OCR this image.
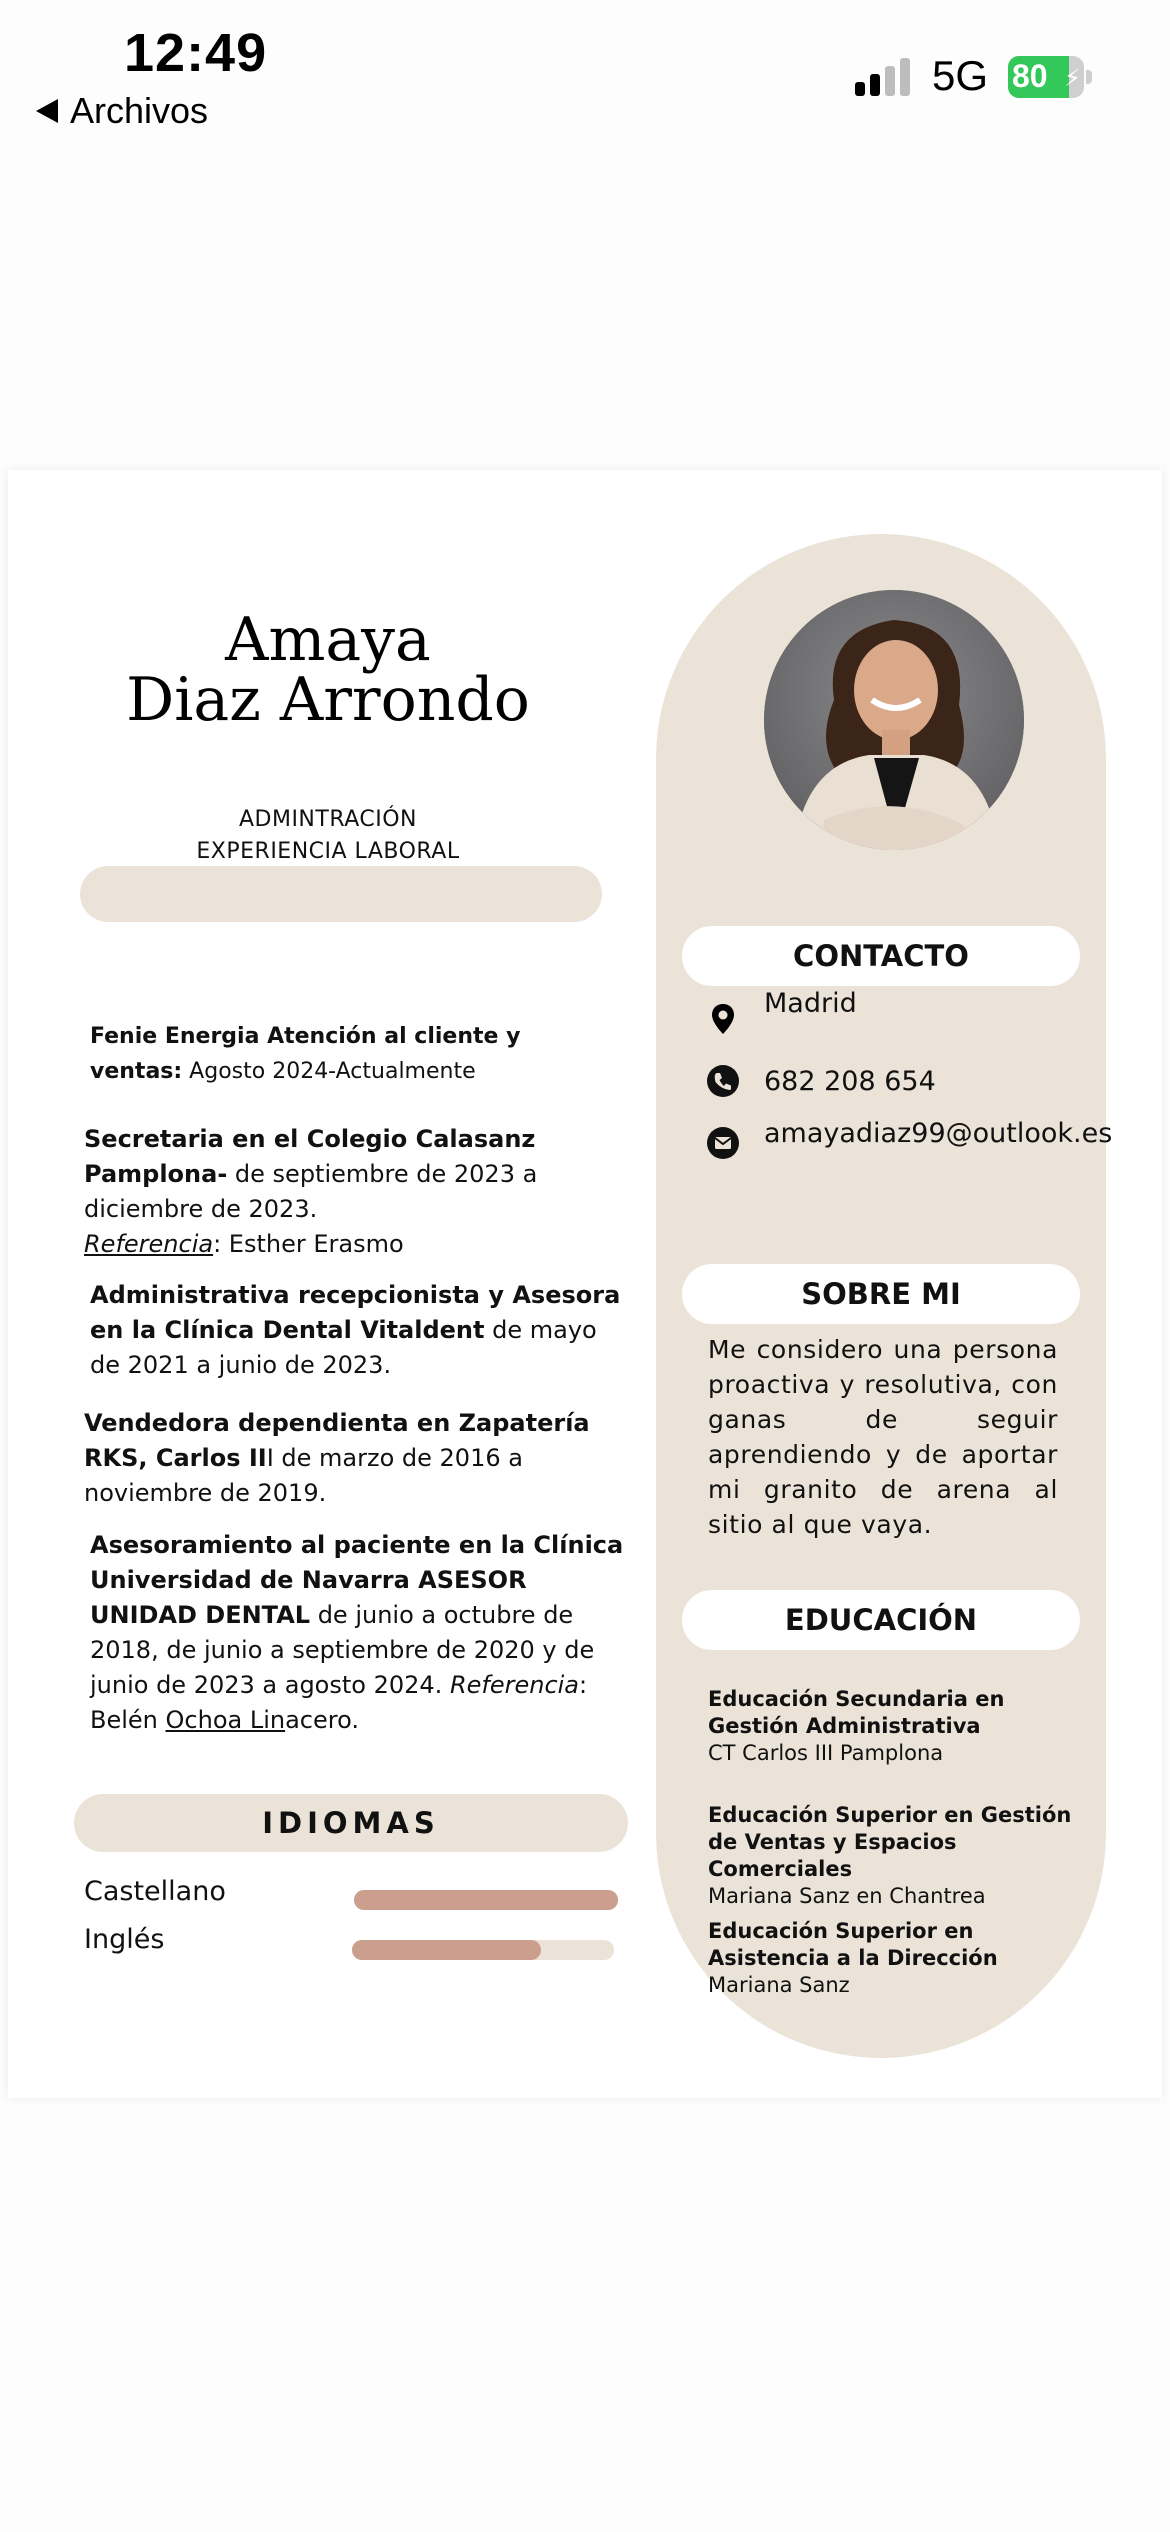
12:49
Archivos
5G 80 ⚡
Amaya
Diaz Arrondo
ADMINTRACIÓN
EXPERIENCIA LABORAL
Fenie Energia Atención al cliente y ventas: Agosto 2024-Actualmente
Secretaria en el Colegio Calasanz Pamplona- de septiembre de 2023 a diciembre de 2023.
Referencia: Esther Erasmo
Administrativa recepcionista y Asesora en la Clínica Dental Vitaldent de mayo de 2021 a junio de 2023.
Vendedora dependienta en Zapatería RKS, Carlos III de marzo de 2016 a noviembre de 2019.
Asesoramiento al paciente en la Clínica Universidad de Navarra ASESOR UNIDAD DENTAL de junio a octubre de 2018, de junio a septiembre de 2020 y de junio de 2023 a agosto 2024. Referencia: Belén Ochoa Linacero.
IDIOMAS
Castellano
Inglés
CONTACTO
Madrid
682 208 654
amayadiaz99@outlook.es
SOBRE MI
Me considero una persona proactiva y resolutiva, con ganas de seguir aprendiendo y de aportar mi granito de arena al sitio al que vaya.
EDUCACIÓN
Educación Secundaria en Gestión Administrativa
CT Carlos III Pamplona
Educación Superior en Gestión de Ventas y Espacios Comerciales
Mariana Sanz en Chantrea
Educación Superior en Asistencia a la Dirección
Mariana Sanz
